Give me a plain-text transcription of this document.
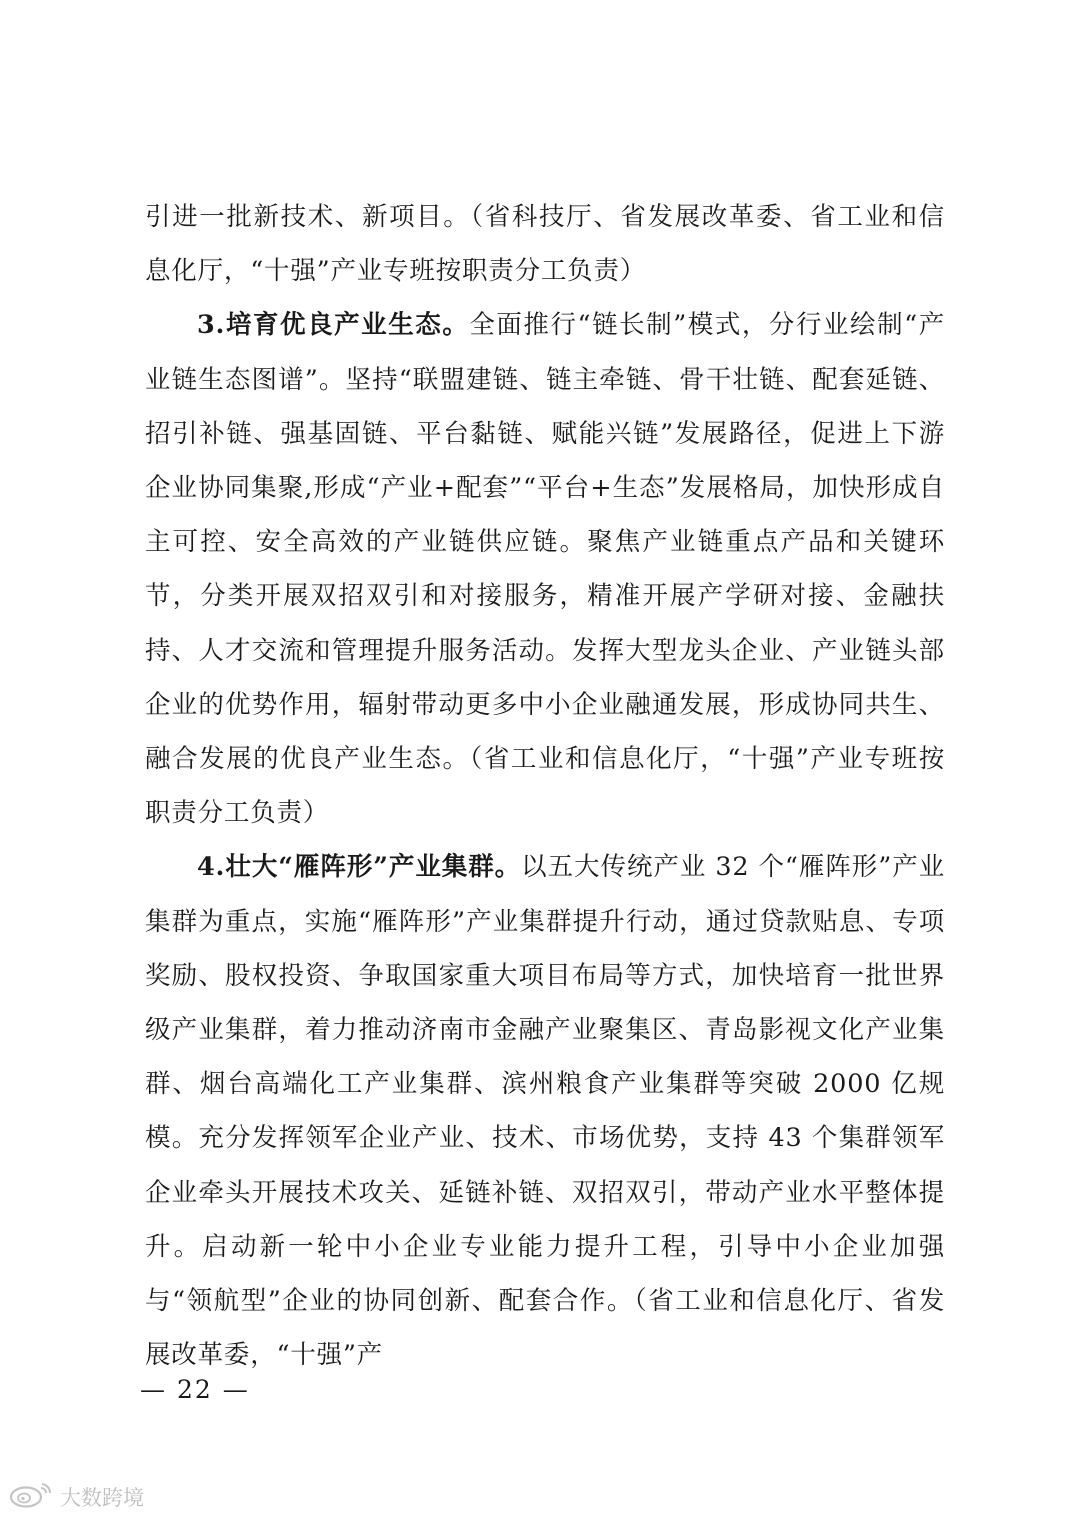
引进一批新技术、新项目。（省科技厅、省发展改革委、省工业和信息化厅，“十强”产业专班按职责分工负责）

3.培育优良产业生态。全面推行“链长制”模式，分行业绘制“产业链生态图谱”。坚持“联盟建链、链主牵链、骨干壮链、配套延链、招引补链、强基固链、平台黏链、赋能兴链”发展路径，促进上下游企业协同集聚,形成“产业+配套”“平台+生态”发展格局，加快形成自主可控、安全高效的产业链供应链。聚焦产业链重点产品和关键环节，分类开展双招双引和对接服务，精准开展产学研对接、金融扶持、人才交流和管理提升服务活动。发挥大型龙头企业、产业链头部企业的优势作用，辐射带动更多中小企业融通发展，形成协同共生、融合发展的优良产业生态。（省工业和信息化厅，“十强”产业专班按职责分工负责）

4.壮大“雁阵形”产业集群。以五大传统产业 32 个“雁阵形”产业集群为重点，实施“雁阵形”产业集群提升行动，通过贷款贴息、专项奖励、股权投资、争取国家重大项目布局等方式，加快培育一批世界级产业集群，着力推动济南市金融产业聚集区、青岛影视文化产业集群、烟台高端化工产业集群、滨州粮食产业集群等突破 2000 亿规模。充分发挥领军企业产业、技术、市场优势，支持 43 个集群领军企业牵头开展技术攻关、延链补链、双招双引，带动产业水平整体提升。启动新一轮中小企业专业能力提升工程，引导中小企业加强与“领航型”企业的协同创新、配套合作。（省工业和信息化厅、省发展改革委，“十强”产

— 22 —
大数跨境
